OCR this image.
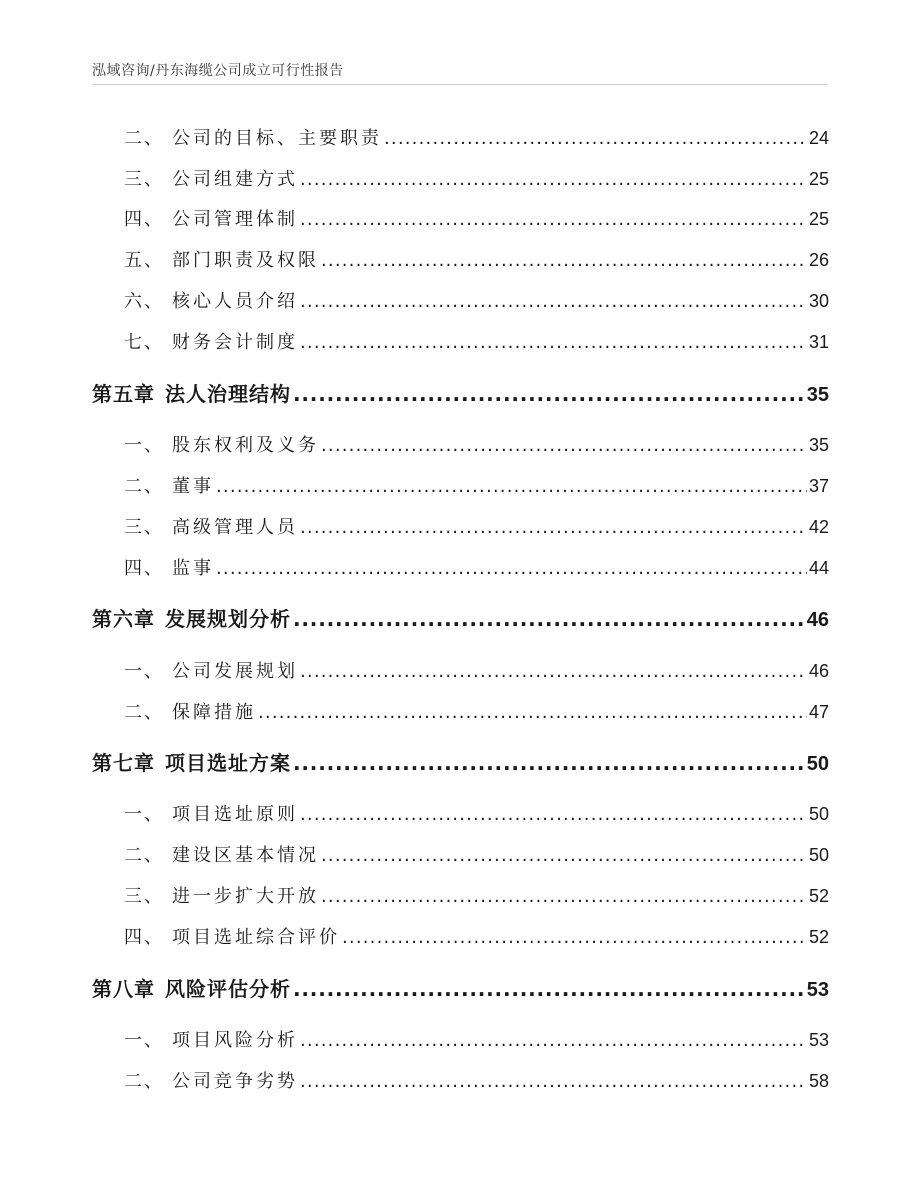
泓域咨询/丹东海缆公司成立可行性报告
二、 公司的目标、主要职责 .....	24
三、 公司组建方式 .....	25
四、 公司管理体制 .....	25
五、 部门职责及权限 .....	26
六、 核心人员介绍 .....	30
七、 财务会计制度 .....	31
第五章 法人治理结构 .....	35
一、 股东权利及义务 .....	35
二、 董事 .....	37
三、 高级管理人员 .....	42
四、 监事 .....	44
第六章 发展规划分析 .....	46
一、 公司发展规划 .....	46
二、 保障措施 .....	47
第七章 项目选址方案 .....	50
一、 项目选址原则 .....	50
二、 建设区基本情况 .....	50
三、 进一步扩大开放 .....	52
四、 项目选址综合评价 .....	52
第八章 风险评估分析 .....	53
一、 项目风险分析 .....	53
二、 公司竞争劣势 .....	58
